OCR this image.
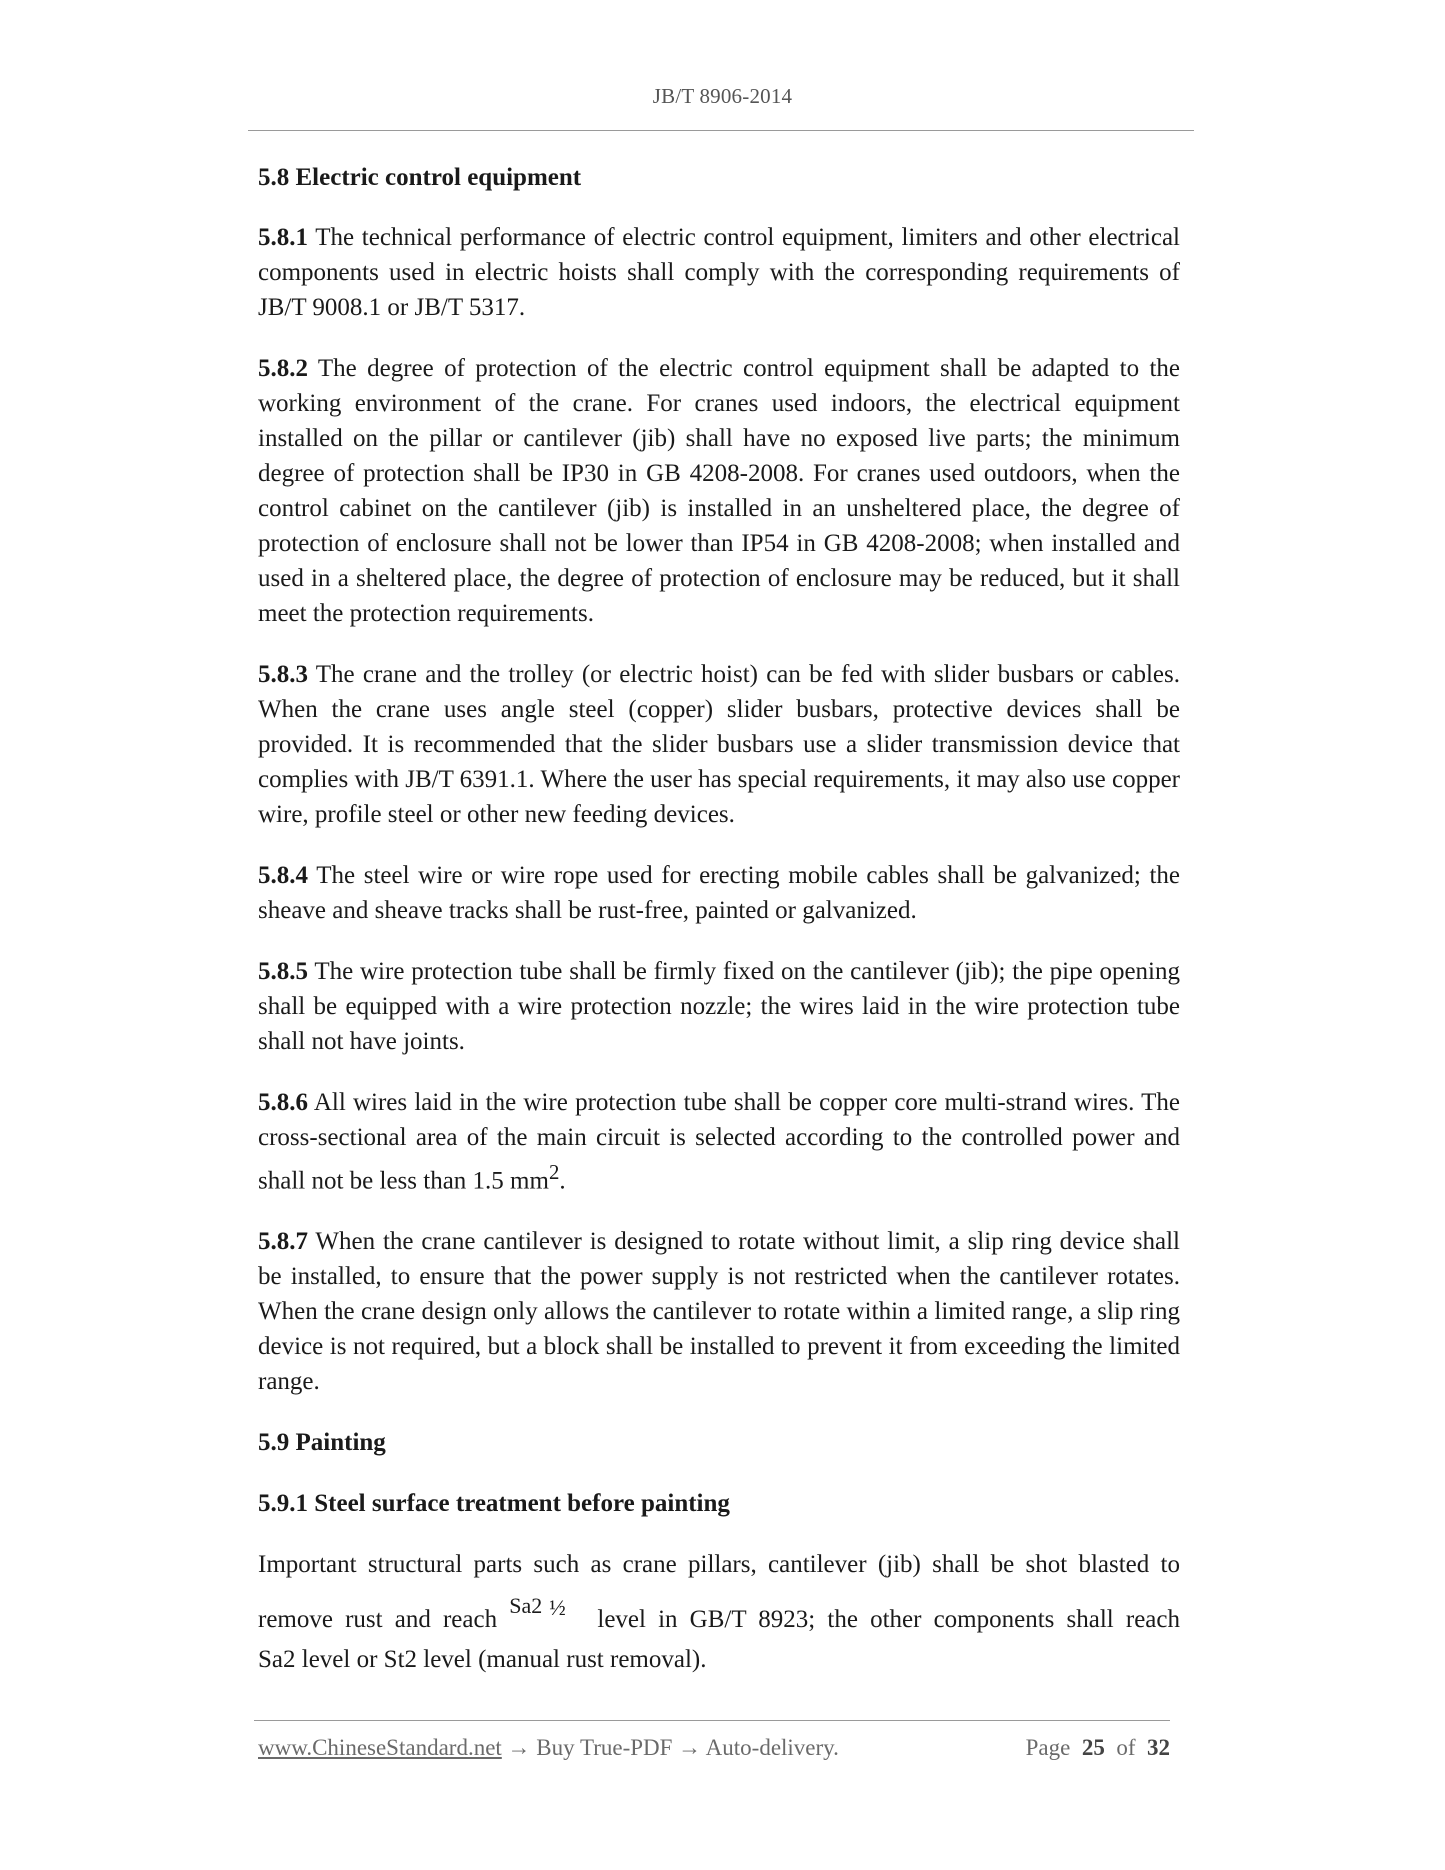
JB/T 8906-2014

5.8 Electric control equipment

5.8.1 The technical performance of electric control equipment, limiters and other electrical components used in electric hoists shall comply with the corresponding requirements of JB/T 9008.1 or JB/T 5317.

5.8.2 The degree of protection of the electric control equipment shall be adapted to the working environment of the crane. For cranes used indoors, the electrical equipment installed on the pillar or cantilever (jib) shall have no exposed live parts; the minimum degree of protection shall be IP30 in GB 4208-2008. For cranes used outdoors, when the control cabinet on the cantilever (jib) is installed in an unsheltered place, the degree of protection of enclosure shall not be lower than IP54 in GB 4208-2008; when installed and used in a sheltered place, the degree of protection of enclosure may be reduced, but it shall meet the protection requirements.

5.8.3 The crane and the trolley (or electric hoist) can be fed with slider busbars or cables. When the crane uses angle steel (copper) slider busbars, protective devices shall be provided. It is recommended that the slider busbars use a slider transmission device that complies with JB/T 6391.1. Where the user has special requirements, it may also use copper wire, profile steel or other new feeding devices.

5.8.4 The steel wire or wire rope used for erecting mobile cables shall be galvanized; the sheave and sheave tracks shall be rust-free, painted or galvanized.

5.8.5 The wire protection tube shall be firmly fixed on the cantilever (jib); the pipe opening shall be equipped with a wire protection nozzle; the wires laid in the wire protection tube shall not have joints.

5.8.6 All wires laid in the wire protection tube shall be copper core multi-strand wires. The cross-sectional area of the main circuit is selected according to the controlled power and shall not be less than 1.5 $mm^2$.

5.8.7 When the crane cantilever is designed to rotate without limit, a slip ring device shall be installed, to ensure that the power supply is not restricted when the cantilever rotates. When the crane design only allows the cantilever to rotate within a limited range, a slip ring device is not required, but a block shall be installed to prevent it from exceeding the limited range.

5.9 Painting

5.9.1 Steel surface treatment before painting

Important structural parts such as crane pillars, cantilever (jib) shall be shot blasted to

remove rust and reach
Sa2 ½ level in GB/T 8923; the other components shall reach

Sa2 level or St2 level (manual rust removal).

www.ChineseStandard.net → Buy True-PDF → Auto-delivery.	Page 25 of 32
